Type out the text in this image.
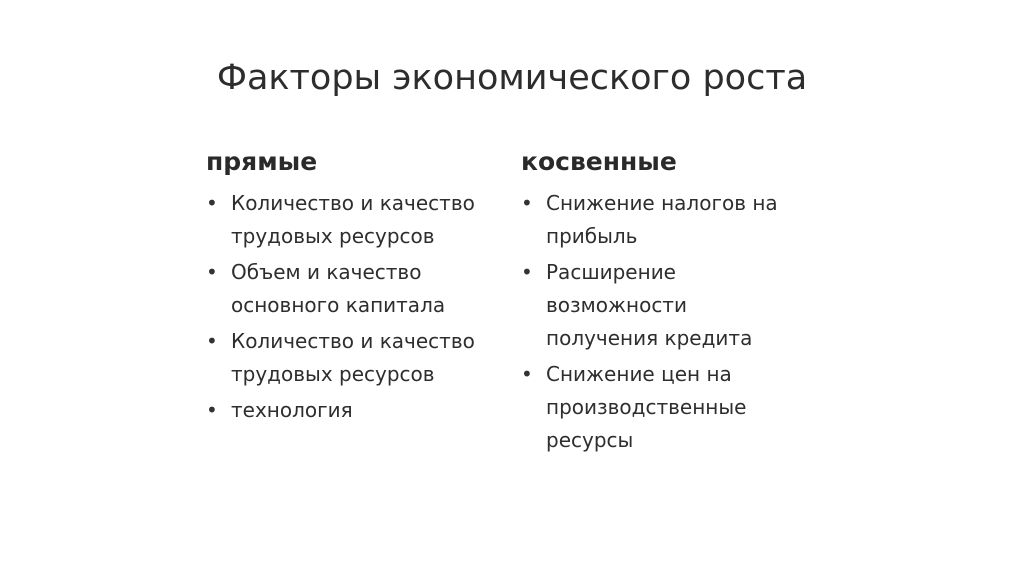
Факторы экономического роста
прямые
• Количество и качество
трудовых ресурсов
• Объем и качество
основного капитала
• Количество и качество
трудовых ресурсов
• технология
косвенные
• Снижение налогов на
прибыль
• Расширение
возможности
получения кредита
• Снижение цен на
производственные
ресурсы
